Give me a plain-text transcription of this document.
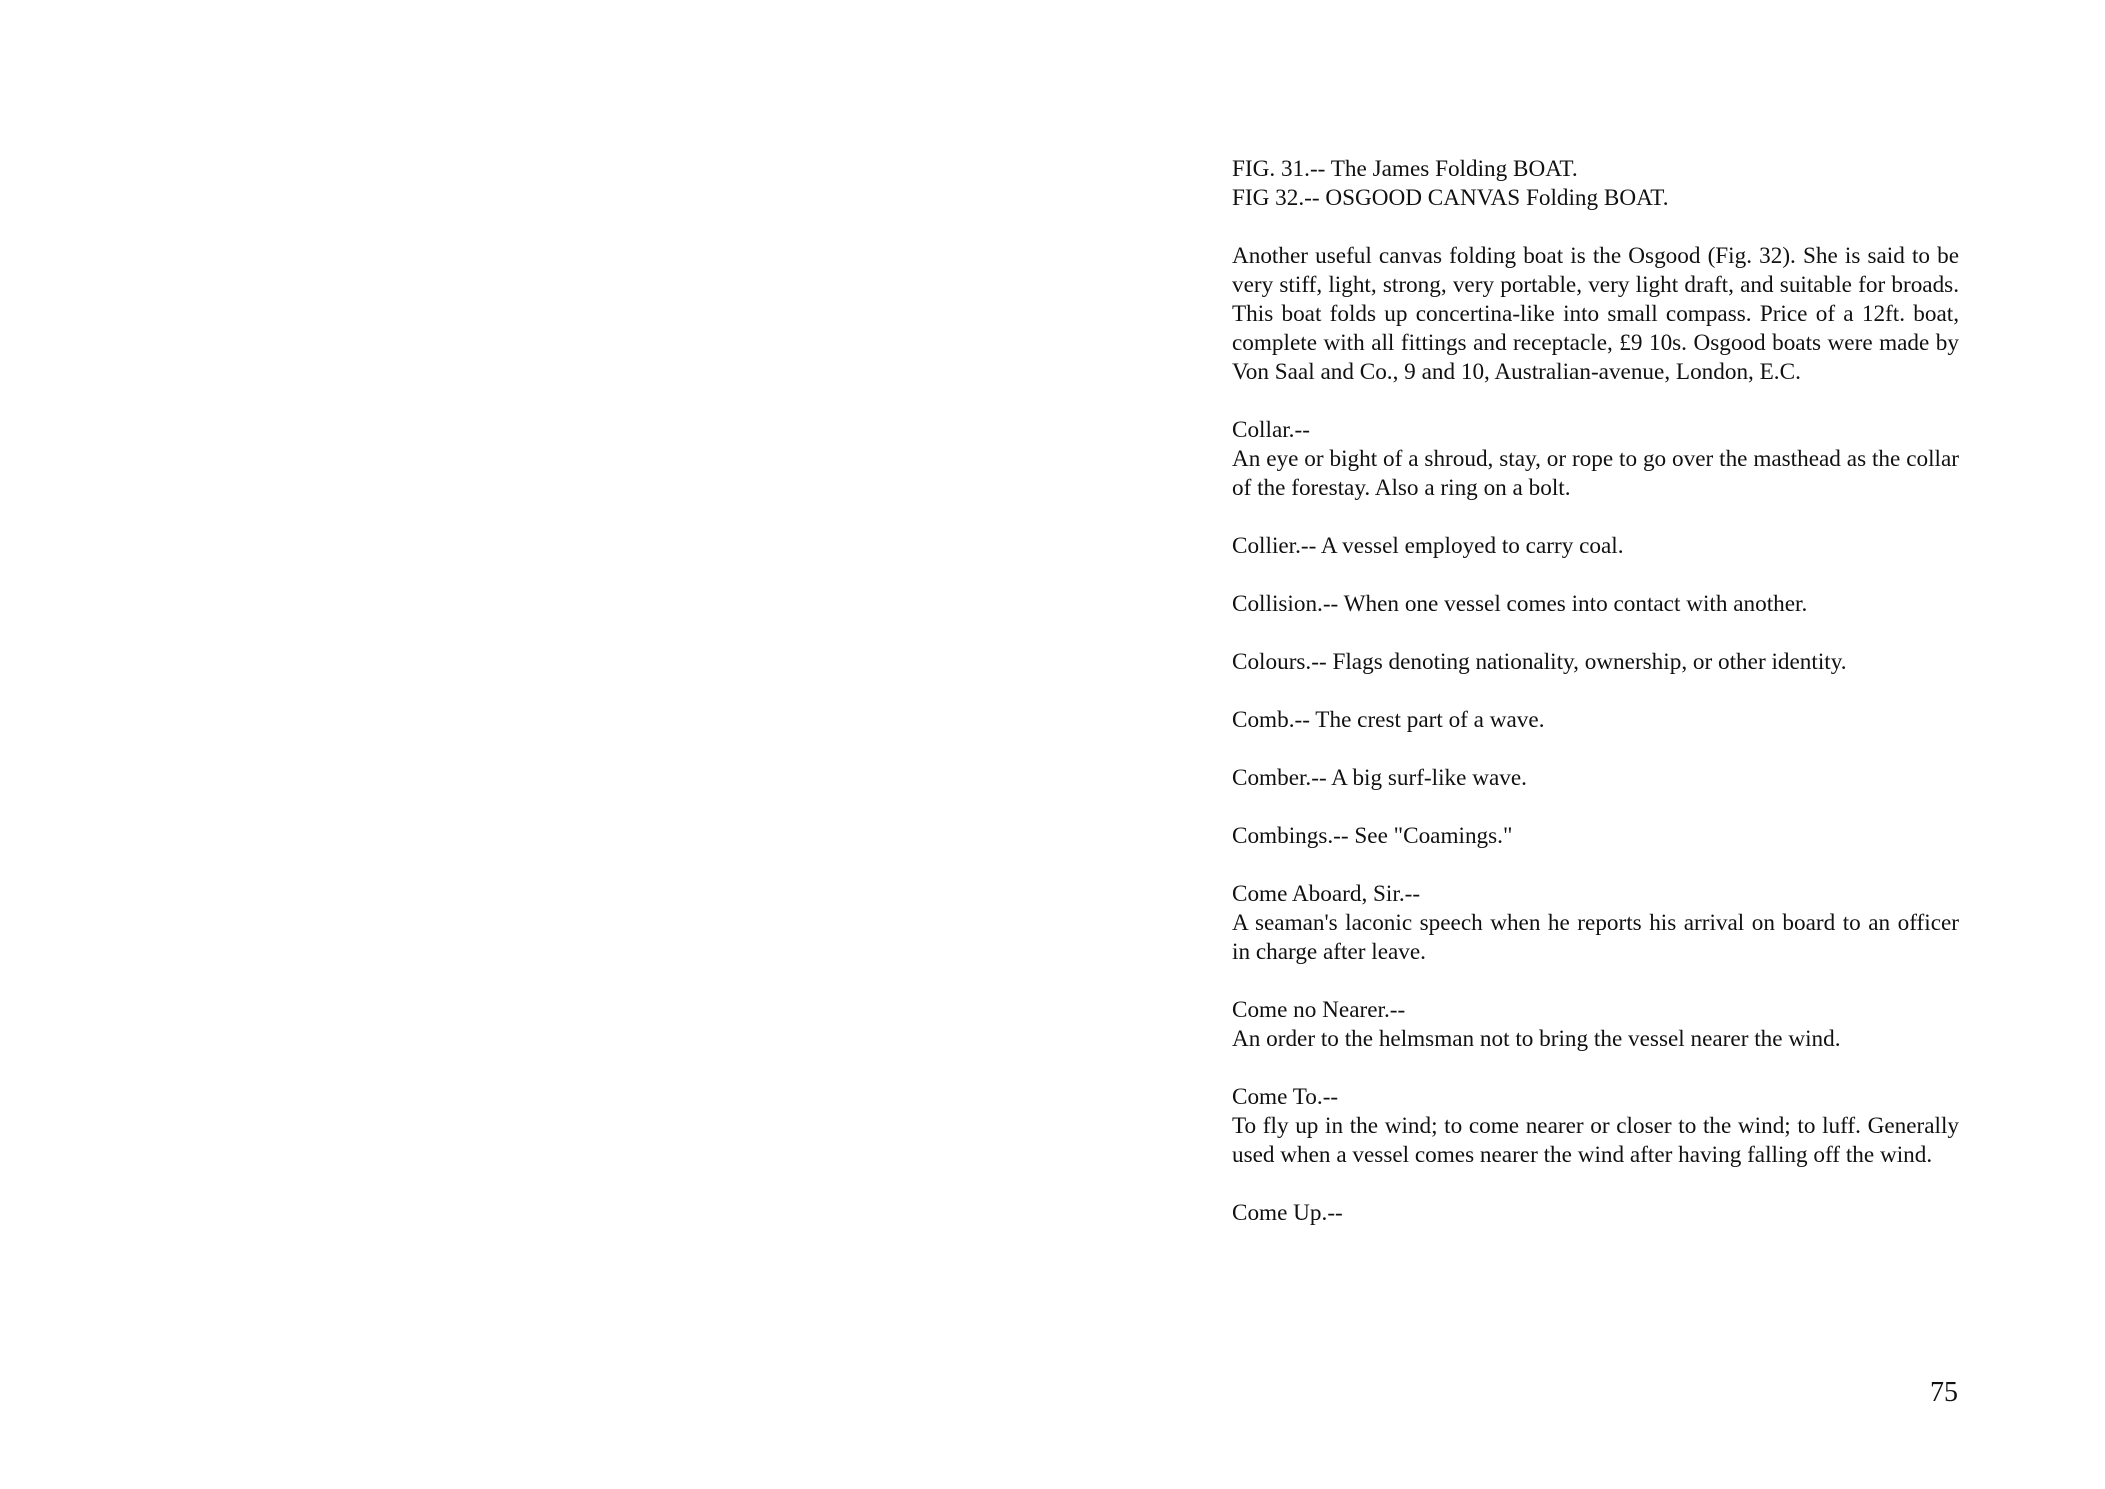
FIG. 31.-- The James Folding BOAT.
FIG 32.-- OSGOOD CANVAS Folding BOAT.

Another useful canvas folding boat is the Osgood (Fig. 32). She is said to be very stiff, light, strong, very portable, very light draft, and suitable for broads. This boat folds up concertina-like into small compass. Price of a 12ft. boat, complete with all fittings and receptacle, £9 10s. Osgood boats were made by Von Saal and Co., 9 and 10, Australian-avenue, London, E.C.

Collar.--
An eye or bight of a shroud, stay, or rope to go over the masthead as the collar of the forestay. Also a ring on a bolt.
Collier.-- A vessel employed to carry coal.
Collision.-- When one vessel comes into contact with another.
Colours.-- Flags denoting nationality, ownership, or other identity.
Comb.-- The crest part of a wave.
Comber.-- A big surf-like wave.
Combings.-- See "Coamings."
Come Aboard, Sir.--
A seaman's laconic speech when he reports his arrival on board to an officer in charge after leave.
Come no Nearer.--
An order to the helmsman not to bring the vessel nearer the wind.
Come To.--
To fly up in the wind; to come nearer or closer to the wind; to luff. Generally used when a vessel comes nearer the wind after having falling off the wind.
Come Up.--
75
